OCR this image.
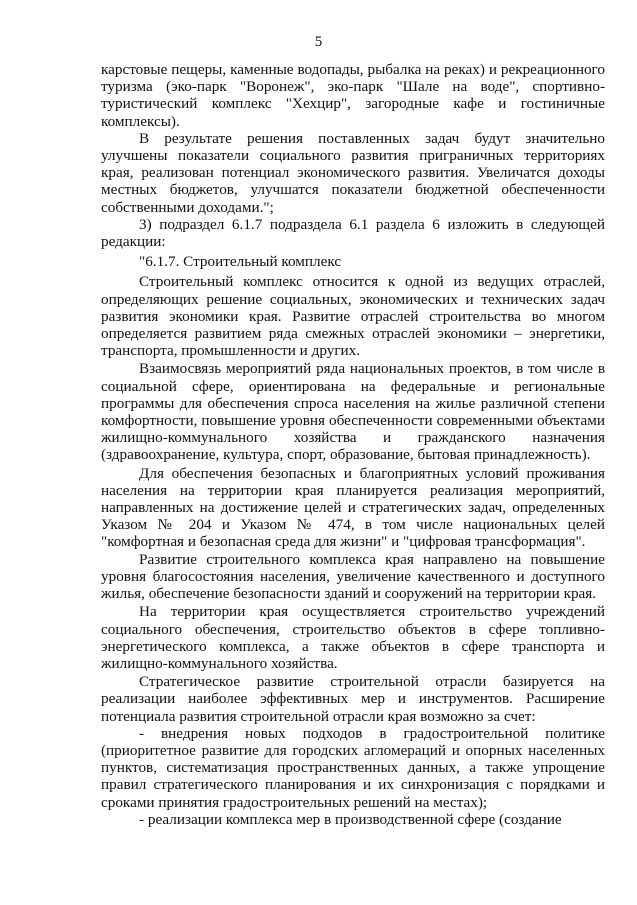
5

карстовые пещеры, каменные водопады, рыбалка на реках) и рекреационного туризма (эко-парк "Воронеж", эко-парк "Шале на воде", спортивно-туристический комплекс "Хехцир", загородные кафе и гостиничные комплексы).

В результате решения поставленных задач будут значительно улучшены показатели социального развития приграничных территориях края, реализован потенциал экономического развития. Увеличатся доходы местных бюджетов, улучшатся показатели бюджетной обеспеченности собственными доходами.";

3) подраздел 6.1.7 подраздела 6.1 раздела 6 изложить в следующей редакции:

"6.1.7. Строительный комплекс

Строительный комплекс относится к одной из ведущих отраслей, определяющих решение социальных, экономических и технических задач развития экономики края. Развитие отраслей строительства во многом определяется развитием ряда смежных отраслей экономики – энергетики, транспорта, промышленности и других.

Взаимосвязь мероприятий ряда национальных проектов, в том числе в социальной сфере, ориентирована на федеральные и региональные программы для обеспечения спроса населения на жилье различной степени комфортности, повышение уровня обеспеченности современными объектами жилищно-коммунального хозяйства и гражданского назначения (здравоохранение, культура, спорт, образование, бытовая принадлежность).

Для обеспечения безопасных и благоприятных условий проживания населения на территории края планируется реализация мероприятий, направленных на достижение целей и стратегических задач, определенных Указом № 204 и Указом № 474, в том числе национальных целей "комфортная и безопасная среда для жизни" и "цифровая трансформация".

Развитие строительного комплекса края направлено на повышение уровня благосостояния населения, увеличение качественного и доступного жилья, обеспечение безопасности зданий и сооружений на территории края.

На территории края осуществляется строительство учреждений социального обеспечения, строительство объектов в сфере топливно-энергетического комплекса, а также объектов в сфере транспорта и жилищно-коммунального хозяйства.

Стратегическое развитие строительной отрасли базируется на реализации наиболее эффективных мер и инструментов. Расширение потенциала развития строительной отрасли края возможно за счет:

- внедрения новых подходов в градостроительной политике (приоритетное развитие для городских агломераций и опорных населенных пунктов, систематизация пространственных данных, а также упрощение правил стратегического планирования и их синхронизация с порядками и сроками принятия градостроительных решений на местах);

- реализации комплекса мер в производственной сфере (создание
